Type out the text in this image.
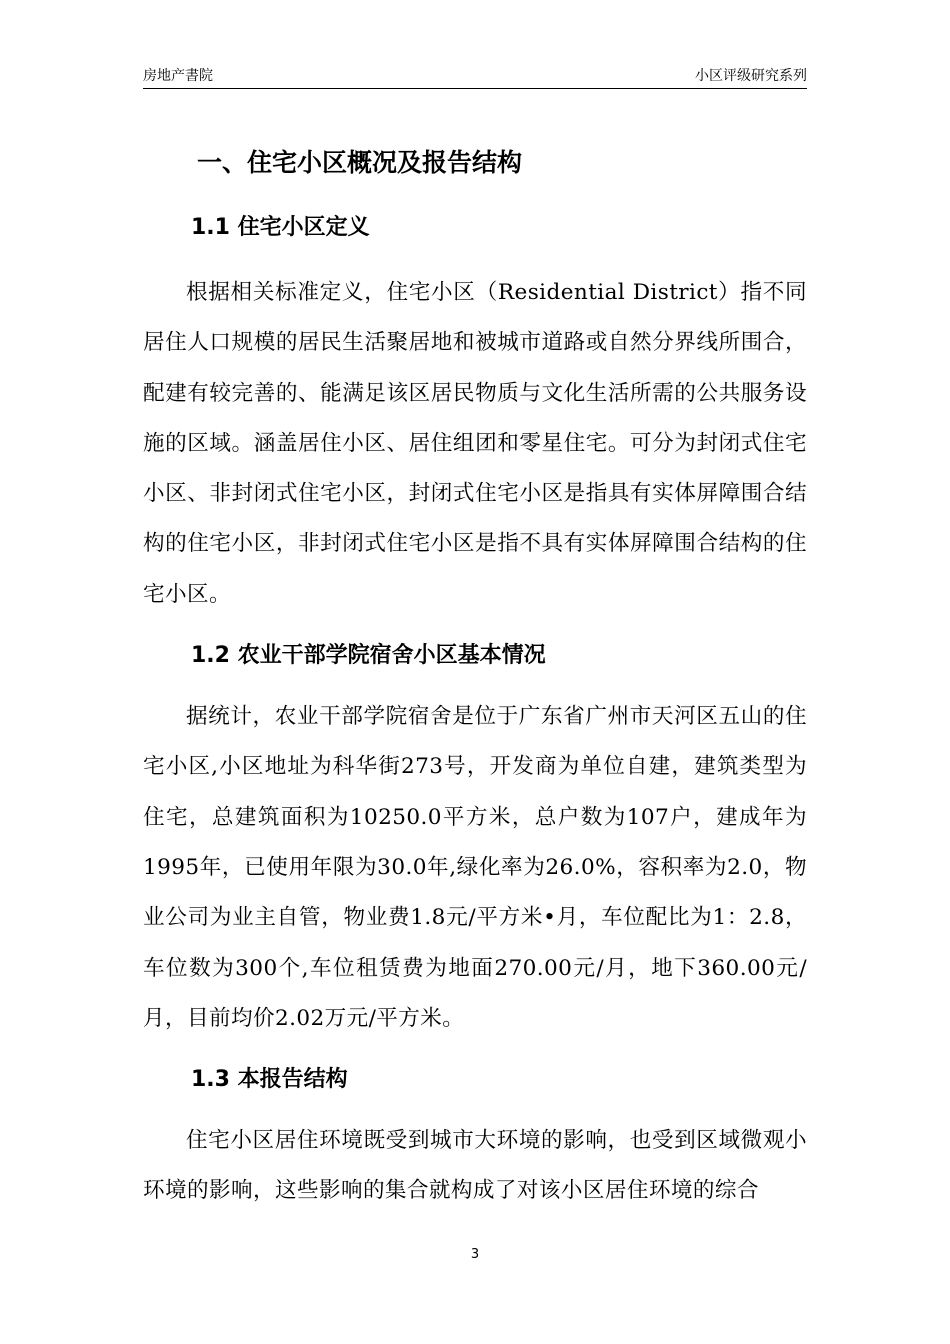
房地产書院	小区评级研究系列
一、住宅小区概况及报告结构
1.1 住宅小区定义

根据相关标准定义，住宅小区（Residential District）指不同居住人口规模的居民生活聚居地和被城市道路或自然分界线所围合，配建有较完善的、能满足该区居民物质与文化生活所需的公共服务设施的区域。涵盖居住小区、居住组团和零星住宅。可分为封闭式住宅小区、非封闭式住宅小区，封闭式住宅小区是指具有实体屏障围合结构的住宅小区，非封闭式住宅小区是指不具有实体屏障围合结构的住宅小区。

1.2 农业干部学院宿舍小区基本情况

据统计，农业干部学院宿舍是位于广东省广州市天河区五山的住宅小区,小区地址为科华街273号，开发商为单位自建，建筑类型为住宅，总建筑面积为10250.0平方米，总户数为107户，建成年为1995年，已使用年限为30.0年,绿化率为26.0%，容积率为2.0，物业公司为业主自管，物业费1.8元/平方米•月，车位配比为1：2.8，车位数为300个,车位租赁费为地面270.00元/月，地下360.00元/月，目前均价2.02万元/平方米。

1.3 本报告结构

住宅小区居住环境既受到城市大环境的影响，也受到区域微观小环境的影响，这些影响的集合就构成了对该小区居住环境的综合

3
